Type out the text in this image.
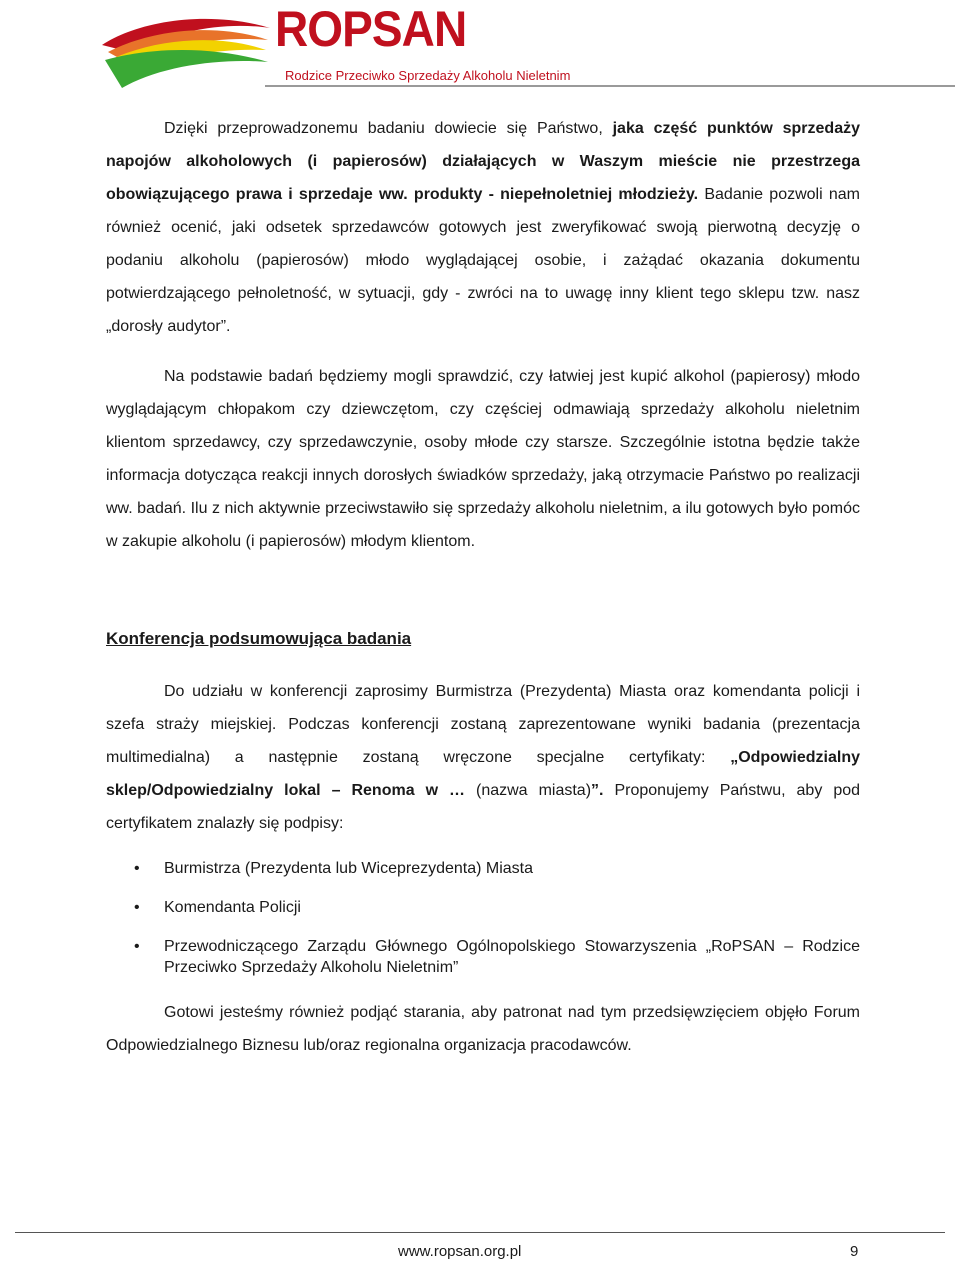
ROPSAN
Rodzice Przeciwko Sprzedaży Alkoholu Nieletnim

Dzięki przeprowadzonemu badaniu dowiecie się Państwo, jaka część punktów sprzedaży napojów alkoholowych (i papierosów) działających w Waszym mieście nie przestrzega obowiązującego prawa i sprzedaje ww. produkty - niepełnoletniej młodzieży. Badanie pozwoli nam również ocenić, jaki odsetek sprzedawców gotowych jest zweryfikować swoją pierwotną decyzję o podaniu alkoholu (papierosów) młodo wyglądającej osobie, i zażądać okazania dokumentu potwierdzającego pełnoletność, w sytuacji, gdy - zwróci na to uwagę inny klient tego sklepu tzw. nasz „dorosły audytor”.

Na podstawie badań będziemy mogli sprawdzić, czy łatwiej jest kupić alkohol (papierosy) młodo wyglądającym chłopakom czy dziewczętom, czy częściej odmawiają sprzedaży alkoholu nieletnim klientom sprzedawcy, czy sprzedawczynie, osoby młode czy starsze. Szczególnie istotna będzie także informacja dotycząca reakcji innych dorosłych świadków sprzedaży, jaką otrzymacie Państwo po realizacji ww. badań. Ilu z nich aktywnie przeciwstawiło się sprzedaży alkoholu nieletnim, a ilu gotowych było pomóc w zakupie alkoholu (i papierosów) młodym klientom.

Konferencja podsumowująca badania

Do udziału w konferencji zaprosimy Burmistrza (Prezydenta) Miasta oraz komendanta policji i szefa straży miejskiej. Podczas konferencji zostaną zaprezentowane wyniki badania (prezentacja multimedialna) a następnie zostaną wręczone specjalne certyfikaty: „Odpowiedzialny sklep/Odpowiedzialny lokal – Renoma w … (nazwa miasta)”. Proponujemy Państwu, aby pod certyfikatem znalazły się podpisy:

• Burmistrza (Prezydenta lub Wiceprezydenta) Miasta
• Komendanta Policji
• Przewodniczącego Zarządu Głównego Ogólnopolskiego Stowarzyszenia „RoPSAN – Rodzice Przeciwko Sprzedaży Alkoholu Nieletnim”

Gotowi jesteśmy również podjąć starania, aby patronat nad tym przedsięwzięciem objęło Forum Odpowiedzialnego Biznesu lub/oraz regionalna organizacja pracodawców.

www.ropsan.org.pl	9
